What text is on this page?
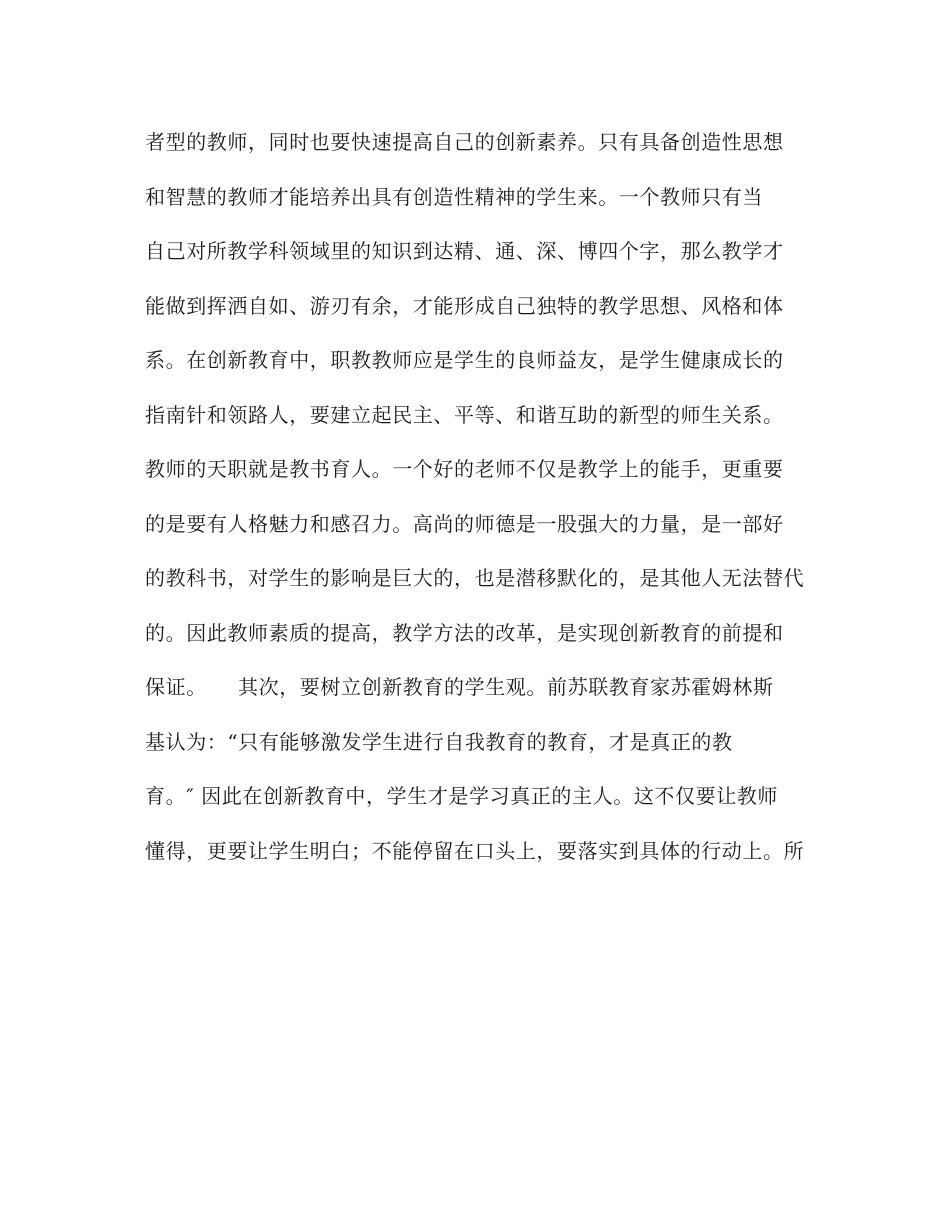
者型的教师，同时也要快速提高自己的创新素养。只有具备创造性思想
和智慧的教师才能培养出具有创造性精神的学生来。一个教师只有当
自己对所教学科领域里的知识到达精、通、深、博四个字，那么教学才
能做到挥洒自如、游刃有余，才能形成自己独特的教学思想、风格和体
系。在创新教育中，职教教师应是学生的良师益友，是学生健康成长的
指南针和领路人，要建立起民主、平等、和谐互助的新型的师生关系。
教师的天职就是教书育人。一个好的老师不仅是教学上的能手，更重要
的是要有人格魅力和感召力。高尚的师德是一股强大的力量，是一部好
的教科书，对学生的影响是巨大的，也是潜移默化的，是其他人无法替代
的。因此教师素质的提高，教学方法的改革，是实现创新教育的前提和
保证。　　其次，要树立创新教育的学生观。前苏联教育家苏霍姆林斯
基认为：“只有能够激发学生进行自我教育的教育，才是真正的教
育。″ 因此在创新教育中，学生才是学习真正的主人。这不仅要让教师
懂得，更要让学生明白；不能停留在口头上，要落实到具体的行动上。所
